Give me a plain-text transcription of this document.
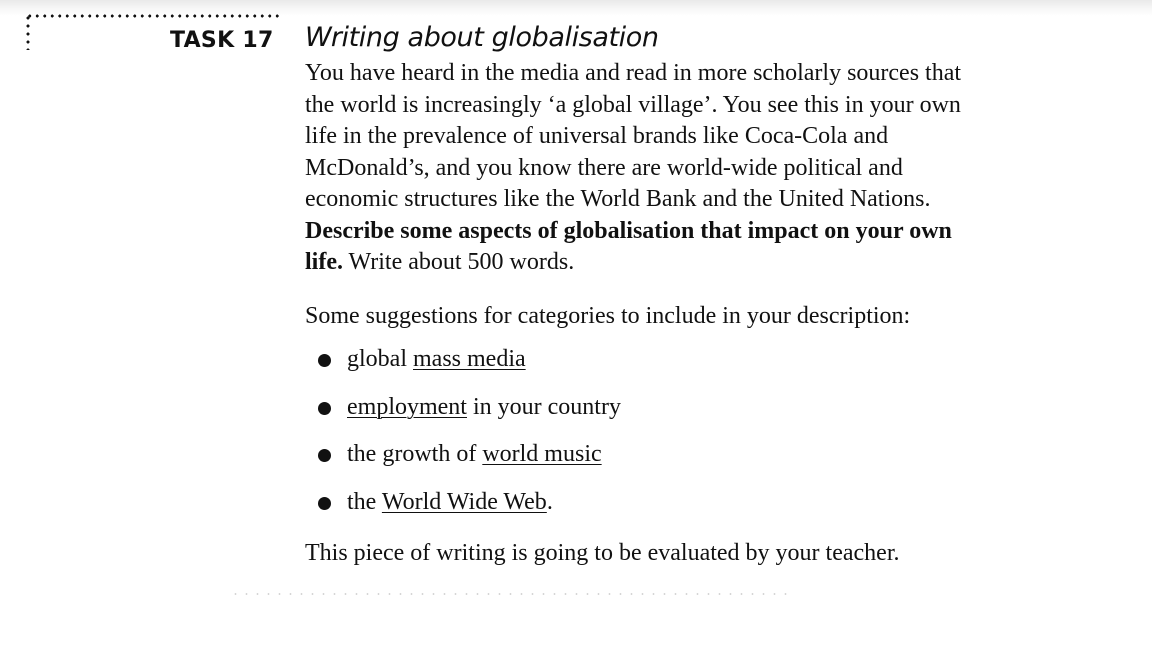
TASK 17 Writing about globalisation

You have heard in the media and read in more scholarly sources that
the world is increasingly ‘a global village’. You see this in your own
life in the prevalence of universal brands like Coca-Cola and
McDonald’s, and you know there are world-wide political and
economic structures like the World Bank and the United Nations.
Describe some aspects of globalisation that impact on your own
life. Write about 500 words.

Some suggestions for categories to include in your description:

global mass media
employment in your country
the growth of world music
the World Wide Web.

This piece of writing is going to be evaluated by your teacher.
